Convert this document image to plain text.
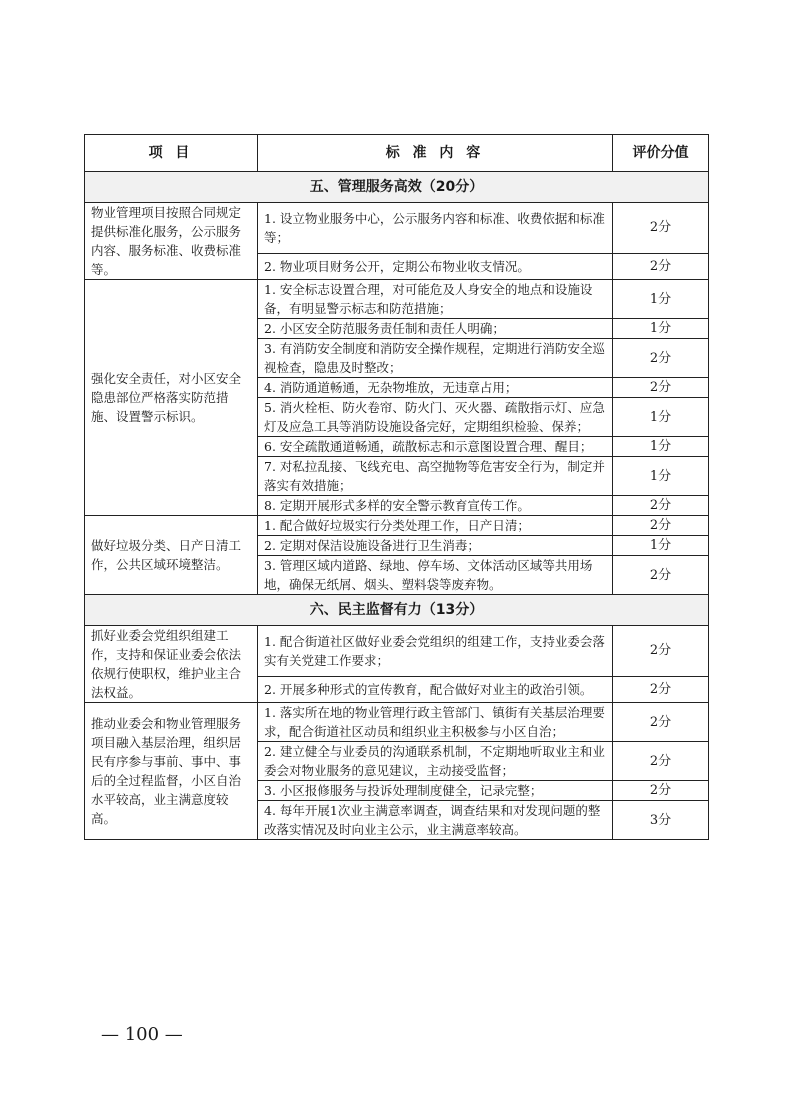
项 目	标 准 内 容	评价分值
五、管理服务高效（20分）		
物业管理项目按照合同规定提供标准化服务，公示服务内容、服务标准、收费标准等。	1. 设立物业服务中心，公示服务内容和标准、收费依据和标准等；	2分
	2. 物业项目财务公开，定期公布物业收支情况。	2分
强化安全责任，对小区安全隐患部位严格落实防范措施、设置警示标识。	1. 安全标志设置合理，对可能危及人身安全的地点和设施设备，有明显警示标志和防范措施；	1分
	2. 小区安全防范服务责任制和责任人明确；	1分
	3. 有消防安全制度和消防安全操作规程，定期进行消防安全巡视检查，隐患及时整改；	2分
	4. 消防通道畅通，无杂物堆放，无违章占用；	2分
	5. 消火栓柜、防火卷帘、防火门、灭火器、疏散指示灯、应急灯及应急工具等消防设施设备完好，定期组织检验、保养；	1分
	6. 安全疏散通道畅通，疏散标志和示意图设置合理、醒目；	1分
	7. 对私拉乱接、飞线充电、高空抛物等危害安全行为，制定并落实有效措施；	1分
	8. 定期开展形式多样的安全警示教育宣传工作。	2分
做好垃圾分类、日产日清工作，公共区域环境整洁。	1. 配合做好垃圾实行分类处理工作，日产日清；	2分
	2. 定期对保洁设施设备进行卫生消毒；	1分
	3. 管理区域内道路、绿地、停车场、文体活动区域等共用场地，确保无纸屑、烟头、塑料袋等废弃物。	2分
六、民主监督有力（13分）		
抓好业委会党组织组建工作，支持和保证业委会依法依规行使职权，维护业主合法权益。	1. 配合街道社区做好业委会党组织的组建工作，支持业委会落实有关党建工作要求；	2分
	2. 开展多种形式的宣传教育，配合做好对业主的政治引领。	2分
推动业委会和物业管理服务项目融入基层治理，组织居民有序参与事前、事中、事后的全过程监督，小区自治水平较高，业主满意度较高。	1. 落实所在地的物业管理行政主管部门、镇街有关基层治理要求，配合街道社区动员和组织业主积极参与小区自治；	2分
	2. 建立健全与业委员的沟通联系机制，不定期地听取业主和业委会对物业服务的意见建议，主动接受监督；	2分
	3. 小区报修服务与投诉处理制度健全，记录完整；	2分
	4. 每年开展1次业主满意率调查，调查结果和对发现问题的整改落实情况及时向业主公示，业主满意率较高。	3分
— 100 —
